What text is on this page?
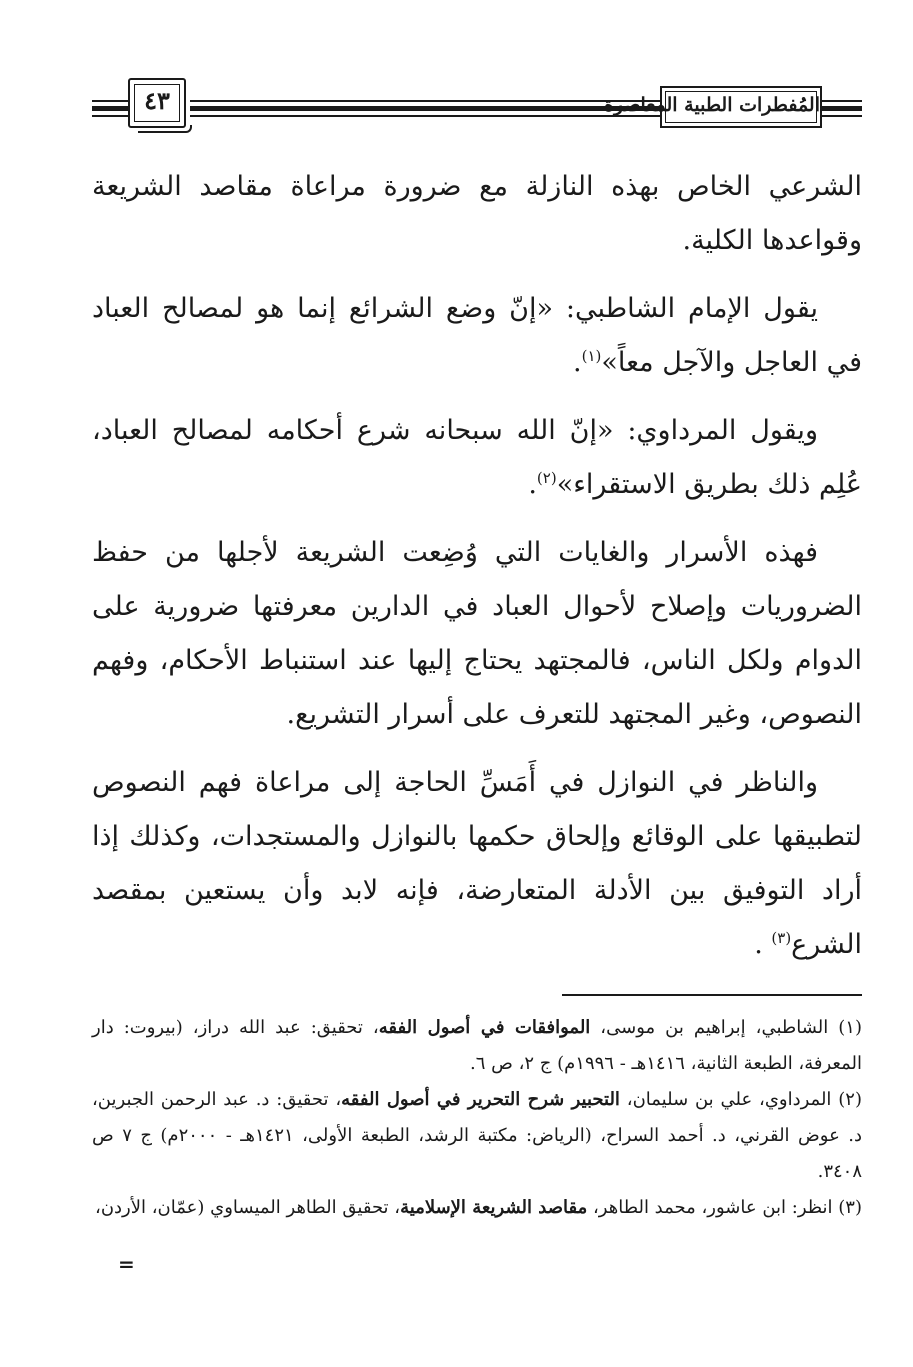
٤٣	المُفطرات الطبية المعاصرة

الشرعي الخاص بهذه النازلة مع ضرورة مراعاة مقاصد الشريعة وقواعدها الكلية.

يقول الإمام الشاطبي: «إنّ وضع الشرائع إنما هو لمصالح العباد في العاجل والآجل معاً»$^{(١)}$.

ويقول المرداوي: «إنّ الله سبحانه شرع أحكامه لمصالح العباد، عُلِم ذلك بطريق الاستقراء»$^{(٢)}$.

فهذه الأسرار والغايات التي وُضِعت الشريعة لأجلها من حفظ الضروريات وإصلاح لأحوال العباد في الدارين معرفتها ضرورية على الدوام ولكل الناس، فالمجتهد يحتاج إليها عند استنباط الأحكام، وفهم النصوص، وغير المجتهد للتعرف على أسرار التشريع.

والناظر في النوازل في أَمَسِّ الحاجة إلى مراعاة فهم النصوص لتطبيقها على الوقائع وإلحاق حكمها بالنوازل والمستجدات، وكذلك إذا أراد التوفيق بين الأدلة المتعارضة، فإنه لابد وأن يستعين بمقصد الشرع$^{(٣)}$ .

(١) الشاطبي، إبراهيم بن موسى، الموافقات في أصول الفقه، تحقيق: عبد الله دراز، (بيروت: دار المعرفة، الطبعة الثانية، ١٤١٦هـ - ١٩٩٦م) ج ٢، ص ٦.

(٢) المرداوي، علي بن سليمان، التحبير شرح التحرير في أصول الفقه، تحقيق: د. عبد الرحمن الجبرين، د. عوض القرني، د. أحمد السراح، (الرياض: مكتبة الرشد، الطبعة الأولى، ١٤٢١هـ - ٢٠٠٠م) ج ٧ ص ٣٤٠٨.

(٣) انظر: ابن عاشور، محمد الطاهر، مقاصد الشريعة الإسلامية، تحقيق الطاهر الميساوي (عمّان، الأردن،

=
